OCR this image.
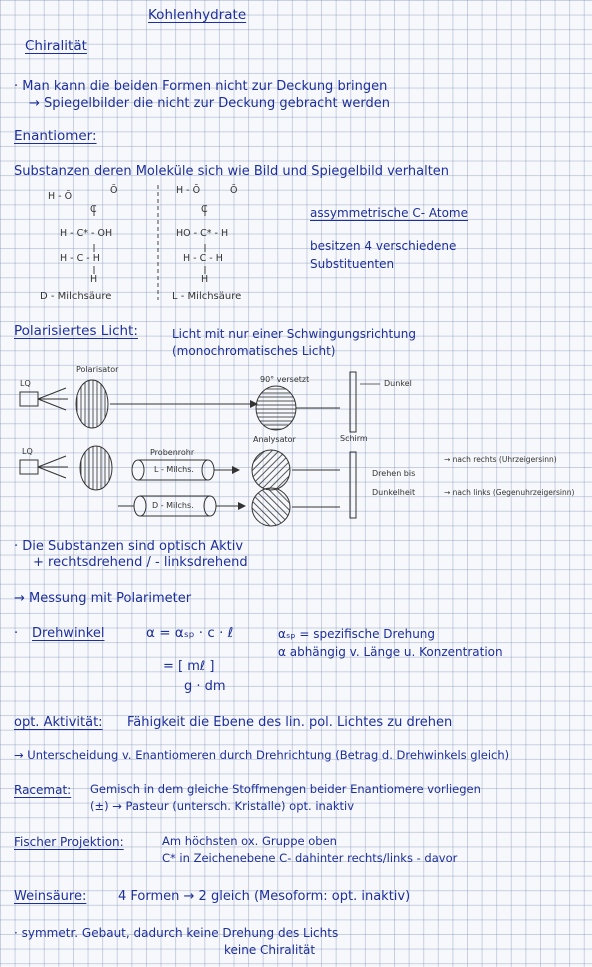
Kohlenhydrate
Chiralität
· Man kann die beiden Formen nicht zur Deckung bringen
→ Spiegelbilder die nicht zur Deckung gebracht werden
Enantiomer:
Substanzen deren Moleküle sich wie Bild und Spiegelbild verhalten
H - Ō
C
Ō
H - C* - OH
H - C - H
H
H - Ō
C
Ō
HO - C* - H
H - C - H
H
D - Milchsäure	L - Milchsäure
assymmetrische C- Atome
besitzen 4 verschiedene
Substituenten
Polarisiertes Licht:	Licht mit nur einer Schwingungsrichtung
(monochromatisches Licht)
Polarisator
LQ	90° versetzt	Dunkel
Analysator	Schirm
Probenrohr
LQ
L - Milchs.
D - Milchs.
Drehen bis
Dunkelheit
→ nach rechts (Uhrzeigersinn)
→ nach links (Gegenuhrzeigersinn)
· Die Substanzen sind optisch Aktiv
+ rechtsdrehend / - linksdrehend
→ Messung mit Polarimeter
· Drehwinkel	α = αₛₚ · c · ℓ	αₛₚ = spezifische Drehung
α abhängig v. Länge u. Konzentration
= [ mℓ ]
g · dm
opt. Aktivität: Fähigkeit die Ebene des lin. pol. Lichtes zu drehen
→ Unterscheidung v. Enantiomeren durch Drehrichtung (Betrag d. Drehwinkels gleich)
Racemat: Gemisch in dem gleiche Stoffmengen beider Enantiomere vorliegen
(±) → Pasteur (untersch. Kristalle) opt. inaktiv
Fischer Projektion:	Am höchsten ox. Gruppe oben
C* in Zeichenebene C- dahinter rechts/links - davor
Weinsäure: 4 Formen → 2 gleich (Mesoform: opt. inaktiv)
· symmetr. Gebaut, dadurch keine Drehung des Lichts
keine Chiralität
